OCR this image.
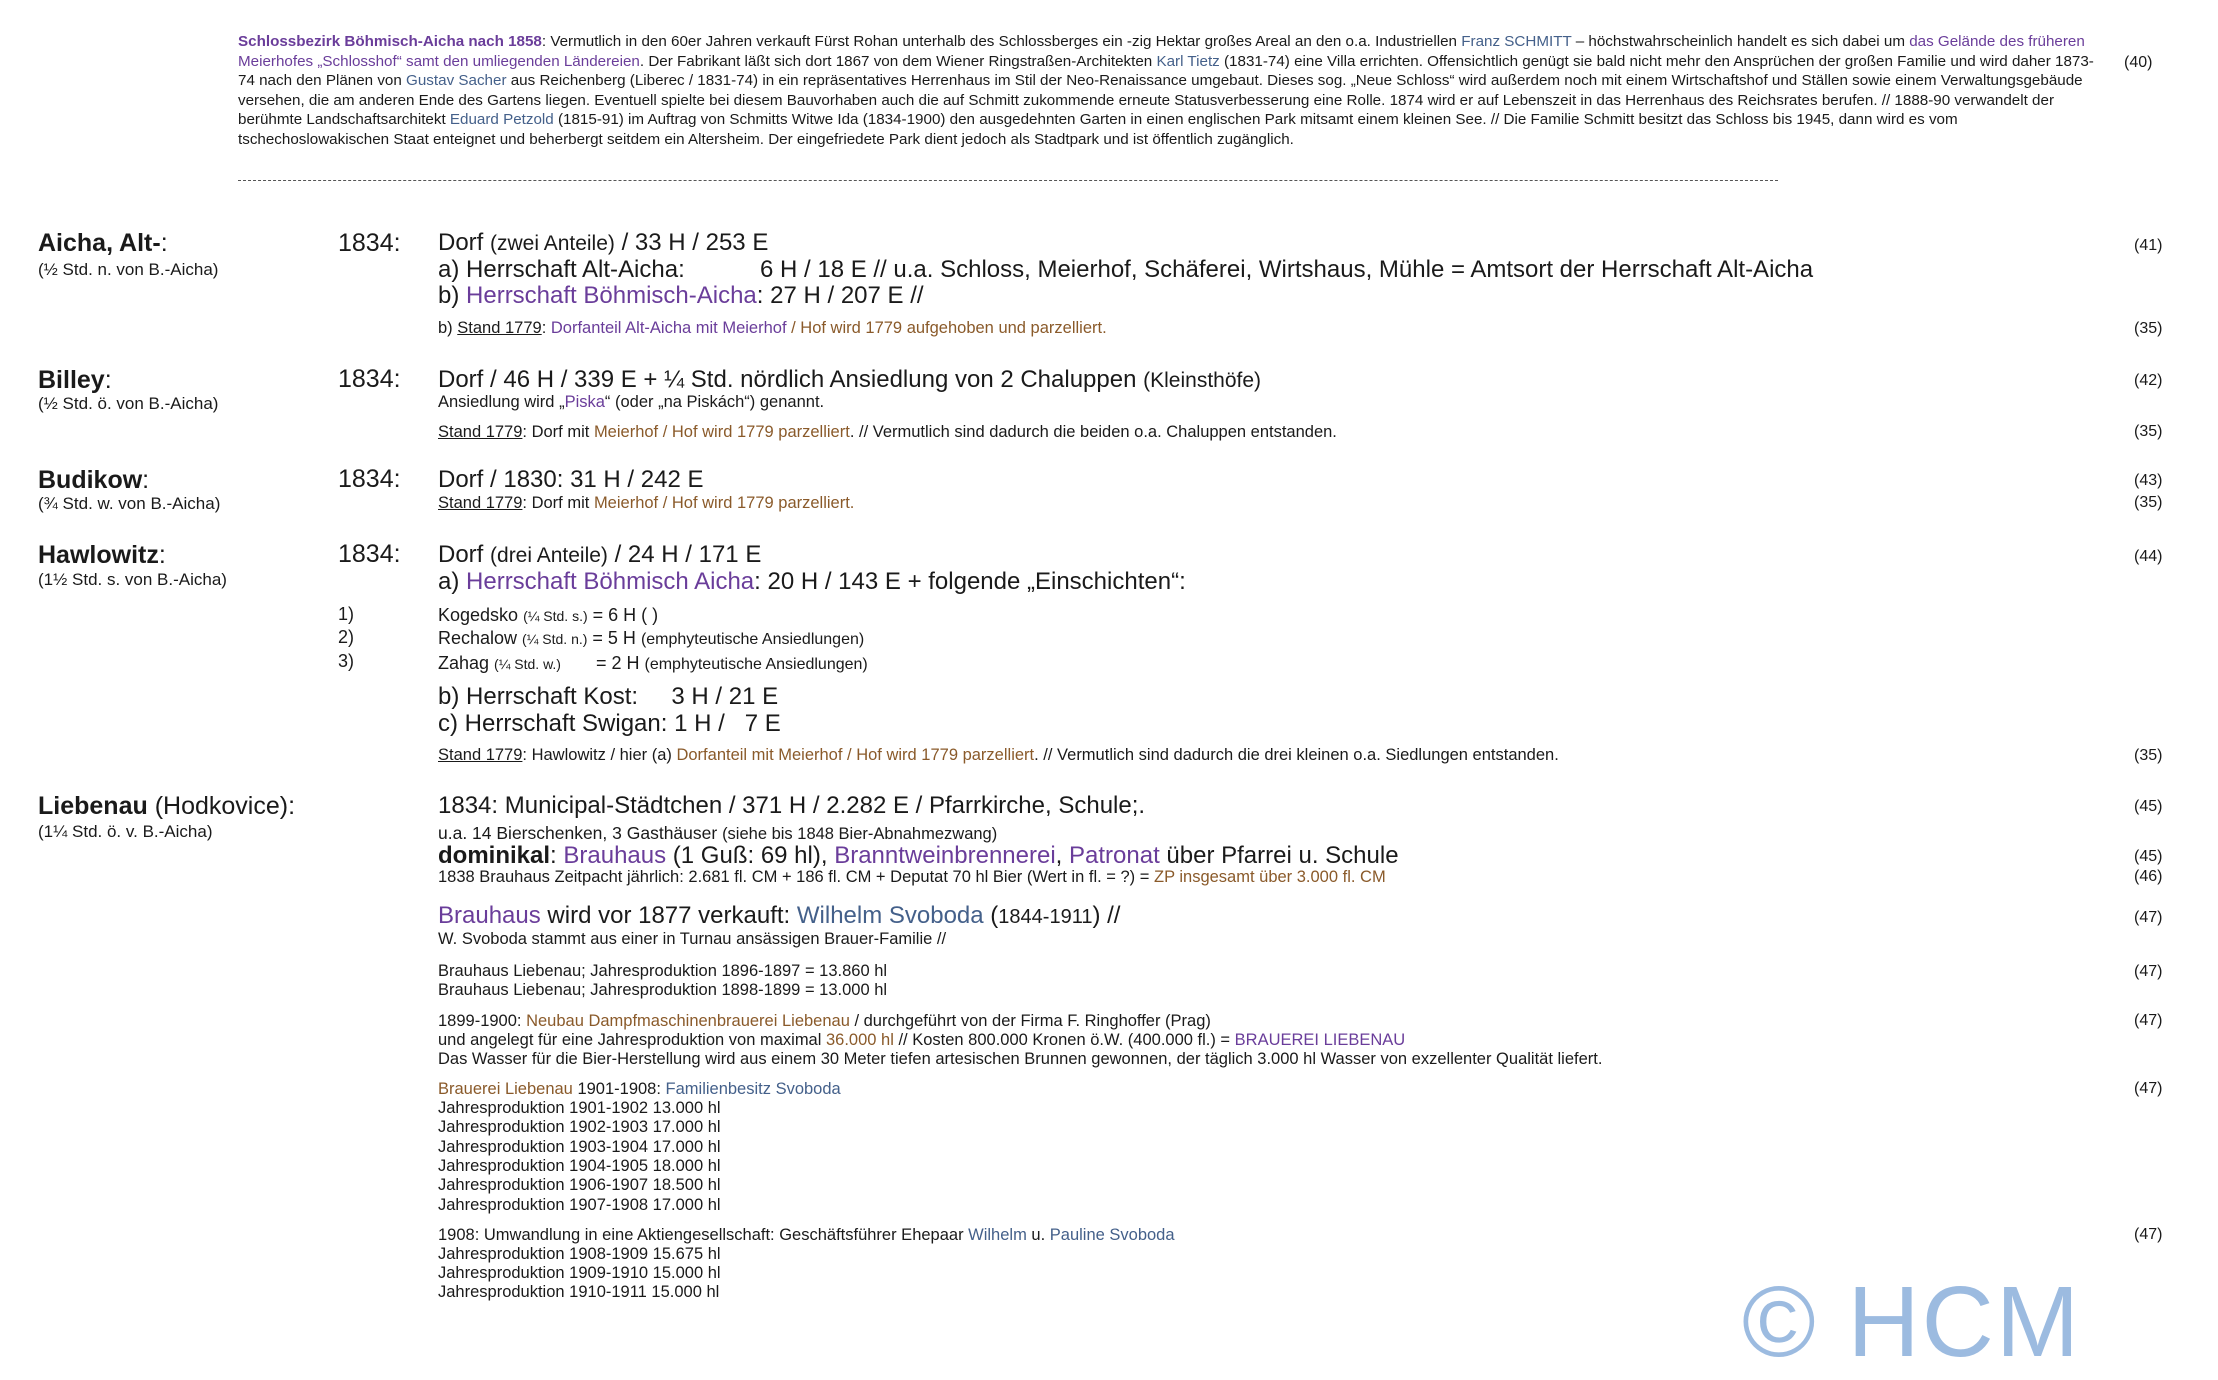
Schlossbezirk Böhmisch-Aicha nach 1858: Vermutlich in den 60er Jahren verkauft Fürst Rohan unterhalb des Schlossberges ein -zig Hektar großes Areal an den o.a. Industriellen Franz SCHMITT – höchstwahrscheinlich handelt es sich dabei um das Gelände des früheren Meierhofes „Schlosshof“ samt den umliegenden Ländereien. Der Fabrikant läßt sich dort 1867 von dem Wiener Ringstraßen-Architekten Karl Tietz (1831-74) eine Villa errichten. Offensichtlich genügt sie bald nicht mehr den Ansprüchen der großen Familie und wird daher 1873-74 nach den Plänen von Gustav Sacher aus Reichenberg (Liberec / 1831-74) in ein repräsentatives Herrenhaus im Stil der Neo-Renaissance umgebaut. Dieses sog. „Neue Schloss“ wird außerdem noch mit einem Wirtschaftshof und Ställen sowie einem Verwaltungsgebäude versehen, die am anderen Ende des Gartens liegen. Eventuell spielte bei diesem Bauvorhaben auch die auf Schmitt zukommende erneute Statusverbesserung eine Rolle. 1874 wird er auf Lebenszeit in das Herrenhaus des Reichsrates berufen. // 1888-90 verwandelt der berühmte Landschaftsarchitekt Eduard Petzold (1815-91) im Auftrag von Schmitts Witwe Ida (1834-1900) den ausgedehnten Garten in einen englischen Park mitsamt einem kleinen See. // Die Familie Schmitt besitzt das Schloss bis 1945, dann wird es vom tschechoslowakischen Staat enteignet und beherbergt seitdem ein Altersheim. Der eingefriedete Park dient jedoch als Stadtpark und ist öffentlich zugänglich.
(40)
Aicha, Alt-:
(½ Std. n. von B.-Aicha)
1834: Dorf (zwei Anteile) / 33 H / 253 E
a) Herrschaft Alt-Aicha:	6 H / 18 E // u.a. Schloss, Meierhof, Schäferei, Wirtshaus, Mühle = Amtsort der Herrschaft Alt-Aicha
b) Herrschaft Böhmisch-Aicha: 27 H / 207 E //
b) Stand 1779: Dorfanteil Alt-Aicha mit Meierhof / Hof wird 1779 aufgehoben und parzelliert.
(41)
(35)
Billey:
(½ Std. ö. von B.-Aicha)
1834: Dorf / 46 H / 339 E + ¼ Std. nördlich Ansiedlung von 2 Chaluppen (Kleinsthöfe)
Ansiedlung wird „Piska“ (oder „na Piskách“) genannt.
Stand 1779: Dorf mit Meierhof / Hof wird 1779 parzelliert. // Vermutlich sind dadurch die beiden o.a. Chaluppen entstanden.
(42)
(35)
Budikow:
(¾ Std. w. von B.-Aicha)
1834: Dorf / 1830: 31 H / 242 E
Stand 1779: Dorf mit Meierhof / Hof wird 1779 parzelliert.
(43)
(35)
Hawlowitz:
(1½ Std. s. von B.-Aicha)
1834: Dorf (drei Anteile) / 24 H / 171 E
a) Herrschaft Böhmisch Aicha: 20 H / 143 E + folgende „Einschichten“:
1)
2)
3)
Kogedsko (¼ Std. s.) = 6 H ( )
Rechalow (¼ Std. n.) = 5 H (emphyteutische Ansiedlungen)
Zahag (¼ Std. w.)       = 2 H (emphyteutische Ansiedlungen)
b) Herrschaft Kost:     3 H / 21 E
c) Herrschaft Swigan: 1 H /   7 E
Stand 1779: Hawlowitz / hier (a) Dorfanteil mit Meierhof / Hof wird 1779 parzelliert. // Vermutlich sind dadurch die drei kleinen o.a. Siedlungen entstanden.
(44)
(35)
Liebenau (Hodkovice):
(1¼ Std. ö. v. B.-Aicha)
1834: Municipal-Städtchen / 371 H / 2.282 E / Pfarrkirche, Schule;.
u.a. 14 Bierschenken, 3 Gasthäuser (siehe bis 1848 Bier-Abnahmezwang)
dominikal: Brauhaus (1 Guß: 69 hl), Branntweinbrennerei, Patronat über Pfarrei u. Schule
1838 Brauhaus Zeitpacht jährlich: 2.681 fl. CM + 186 fl. CM + Deputat 70 hl Bier (Wert in fl. = ?) = ZP insgesamt über 3.000 fl. CM
Brauhaus wird vor 1877 verkauft: Wilhelm Svoboda (1844-1911) //
W. Svoboda stammt aus einer in Turnau ansässigen Brauer-Familie //
Brauhaus Liebenau; Jahresproduktion 1896-1897 = 13.860 hl
Brauhaus Liebenau; Jahresproduktion 1898-1899 = 13.000 hl
1899-1900: Neubau Dampfmaschinenbrauerei Liebenau / durchgeführt von der Firma F. Ringhoffer (Prag)
und angelegt für eine Jahresproduktion von maximal 36.000 hl // Kosten 800.000 Kronen ö.W. (400.000 fl.) = BRAUEREI LIEBENAU
Das Wasser für die Bier-Herstellung wird aus einem 30 Meter tiefen artesischen Brunnen gewonnen, der täglich 3.000 hl Wasser von exzellenter Qualität liefert.
Brauerei Liebenau 1901-1908: Familienbesitz Svoboda
Jahresproduktion 1901-1902 13.000 hl
Jahresproduktion 1902-1903 17.000 hl
Jahresproduktion 1903-1904 17.000 hl
Jahresproduktion 1904-1905 18.000 hl
Jahresproduktion 1906-1907 18.500 hl
Jahresproduktion 1907-1908 17.000 hl
1908: Umwandlung in eine Aktiengesellschaft: Geschäftsführer Ehepaar Wilhelm u. Pauline Svoboda
Jahresproduktion 1908-1909 15.675 hl
Jahresproduktion 1909-1910 15.000 hl
Jahresproduktion 1910-1911 15.000 hl
(45)
(45)
(46)
(47)
(47)
(47)
(47)
(47)
© HCM
